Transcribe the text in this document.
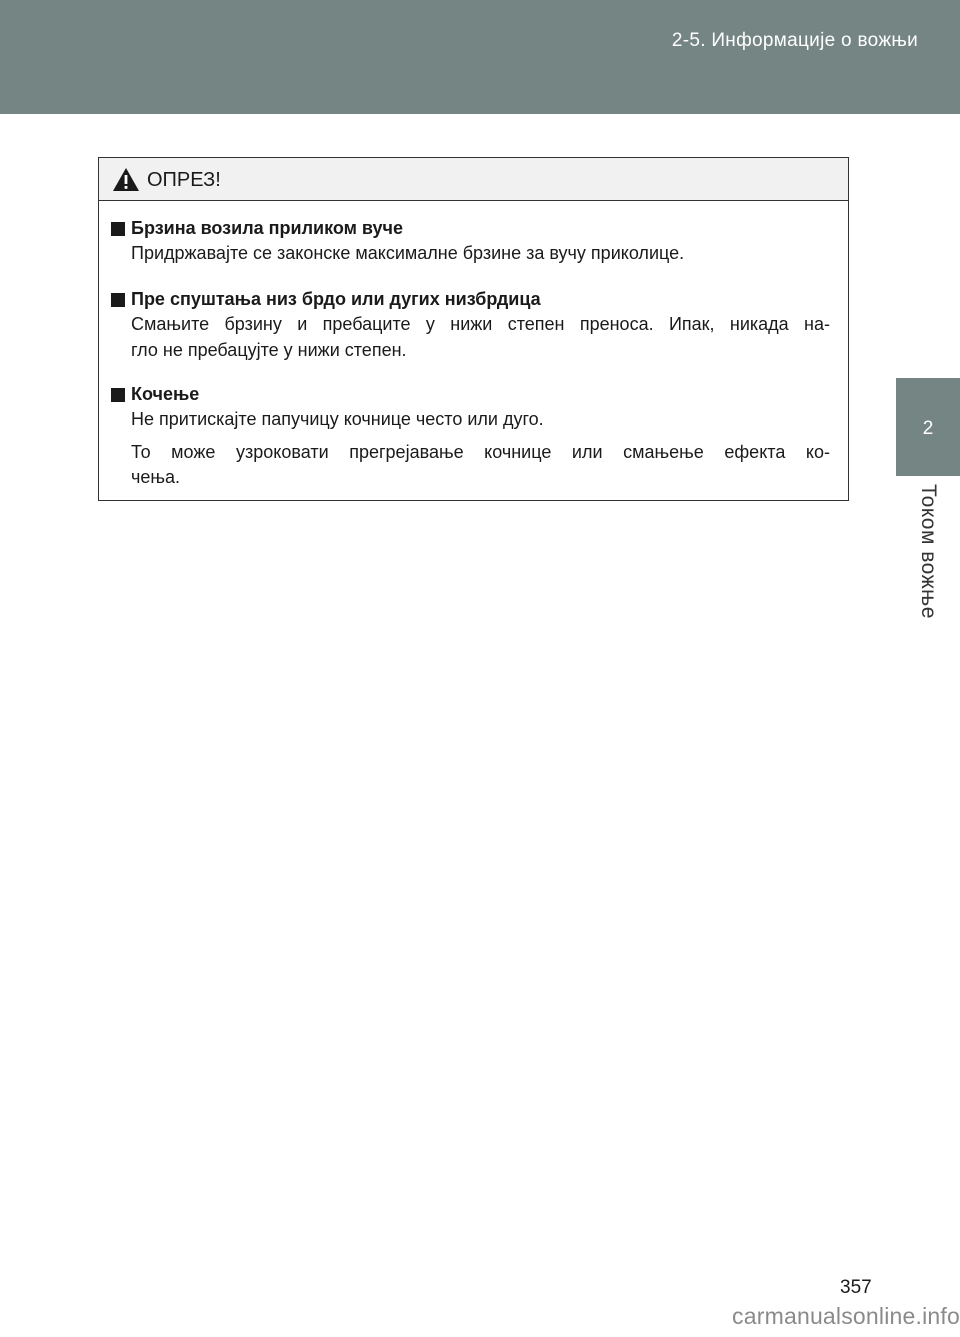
2-5. Информације о вожњи
2
Током вожње
ОПРЕЗ!
Брзина возила приликом вуче
Придржавајте се законске максималне брзине за вучу приколице.
Пре спуштања низ брдо или дугих низбрдица
Смањите брзину и пребаците у нижи степен преноса. Ипак, никада на-
гло не пребацујте у нижи степен.
Кочење
Не притискајте папучицу кочнице често или дуго.
То може узроковати прегрејавање кочнице или смањење ефекта ко-
чења.
357
carmanualsonline.info
